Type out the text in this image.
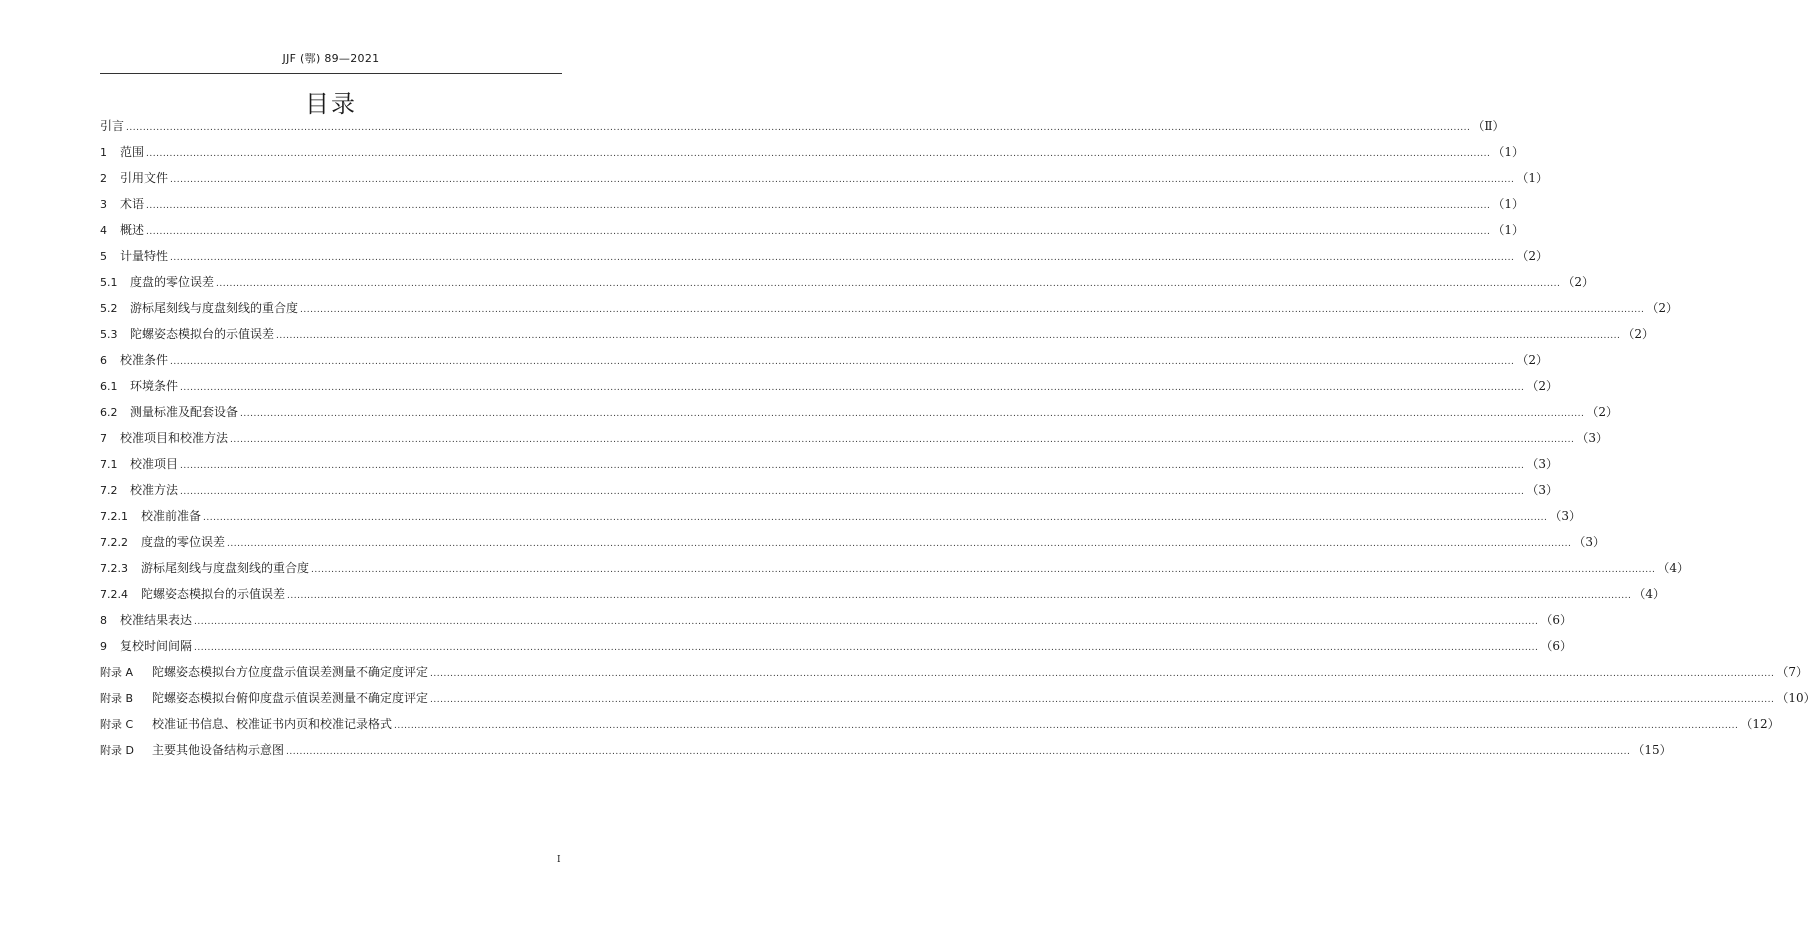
JJF (鄂) 89—2021
目录
引言 ................................................................................................................................................................................................................................................................................................................................................................................................................ （Ⅱ）
1	范围 ................................................................................................................................................................................................................................................................................................................................................................................................................ （1）
2	引用文件 ................................................................................................................................................................................................................................................................................................................................................................................................................ （1）
3	术语 ................................................................................................................................................................................................................................................................................................................................................................................................................ （1）
4	概述 ................................................................................................................................................................................................................................................................................................................................................................................................................ （1）
5	计量特性 ................................................................................................................................................................................................................................................................................................................................................................................................................ （2）
5.1	度盘的零位误差 ................................................................................................................................................................................................................................................................................................................................................................................................................ （2）
5.2	游标尾刻线与度盘刻线的重合度 ................................................................................................................................................................................................................................................................................................................................................................................................................ （2）
5.3	陀螺姿态模拟台的示值误差 ................................................................................................................................................................................................................................................................................................................................................................................................................ （2）
6	校准条件 ................................................................................................................................................................................................................................................................................................................................................................................................................ （2）
6.1	环境条件 ................................................................................................................................................................................................................................................................................................................................................................................................................ （2）
6.2	测量标准及配套设备 ................................................................................................................................................................................................................................................................................................................................................................................................................ （2）
7	校准项目和校准方法 ................................................................................................................................................................................................................................................................................................................................................................................................................ （3）
7.1	校准项目 ................................................................................................................................................................................................................................................................................................................................................................................................................ （3）
7.2	校准方法 ................................................................................................................................................................................................................................................................................................................................................................................................................ （3）
7.2.1	校准前准备 ................................................................................................................................................................................................................................................................................................................................................................................................................ （3）
7.2.2	度盘的零位误差 ................................................................................................................................................................................................................................................................................................................................................................................................................ （3）
7.2.3	游标尾刻线与度盘刻线的重合度 ................................................................................................................................................................................................................................................................................................................................................................................................................ （4）
7.2.4	陀螺姿态模拟台的示值误差 ................................................................................................................................................................................................................................................................................................................................................................................................................ （4）
8	校准结果表达 ................................................................................................................................................................................................................................................................................................................................................................................................................ （6）
9	复校时间间隔 ................................................................................................................................................................................................................................................................................................................................................................................................................ （6）
附录 A	陀螺姿态模拟台方位度盘示值误差测量不确定度评定 ................................................................................................................................................................................................................................................................................................................................................................................................................ （7）
附录 B	陀螺姿态模拟台俯仰度盘示值误差测量不确定度评定 ................................................................................................................................................................................................................................................................................................................................................................................................................ （10）
附录 C	校准证书信息、校准证书内页和校准记录格式 ................................................................................................................................................................................................................................................................................................................................................................................................................ （12）
附录 D	主要其他设备结构示意图 ................................................................................................................................................................................................................................................................................................................................................................................................................ （15）
I
